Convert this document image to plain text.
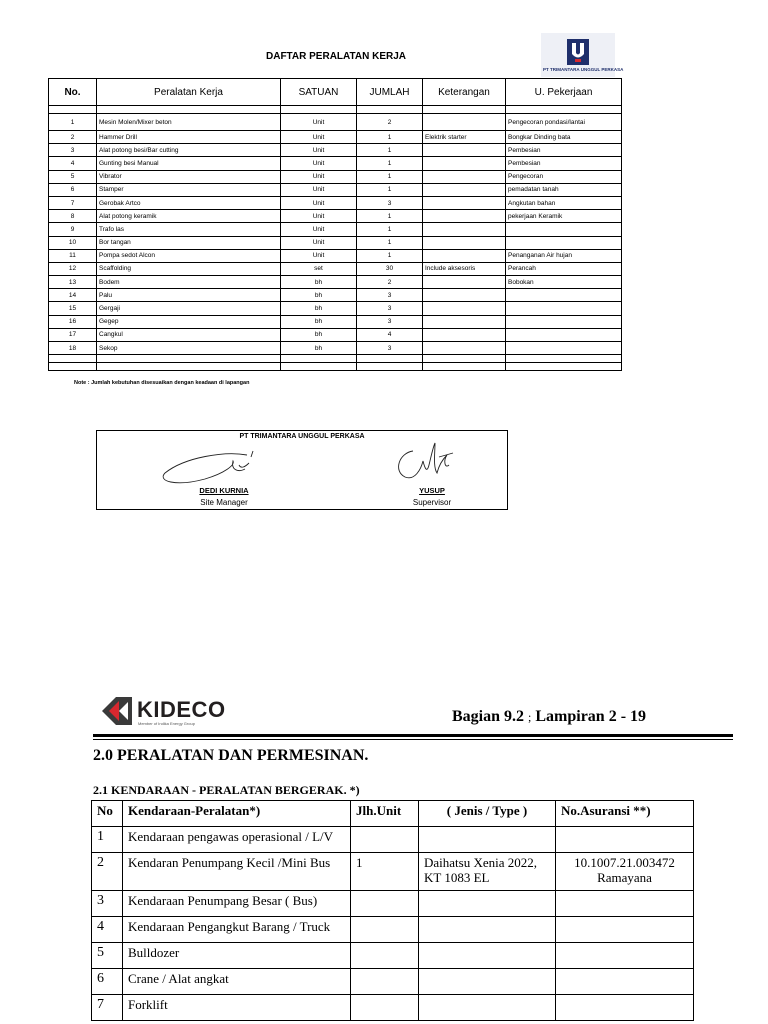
DAFTAR PERALATAN KERJA
PT TRIMANTARA UNGGUL PERKASA
No.	Peralatan Kerja	SATUAN	JUMLAH	Keterangan	U. Pekerjaan

1	Mesin Molen/Mixer beton	Unit	2		Pengecoran pondasi/lantai
2	Hammer Drill	Unit	1	Elektrik starter	Bongkar Dinding bata
3	Alat potong besi/Bar cutting	Unit	1		Pembesian
4	Gunting besi Manual	Unit	1		Pembesian
5	Vibrator	Unit	1		Pengecoran
6	Stamper	Unit	1		pemadatan tanah
7	Gerobak Artco	Unit	3		Angkutan bahan
8	Alat potong keramik	Unit	1		pekerjaan Keramik
9	Trafo las	Unit	1		
10	Bor tangan	Unit	1		
11	Pompa sedot Alcon	Unit	1		Penanganan Air hujan
12	Scaffolding	set	30	Include aksesoris	Perancah
13	Bodem	bh	2		Bobokan
14	Palu	bh	3		
15	Gergaji	bh	3		
16	Gegep	bh	3		
17	Cangkul	bh	4		
18	Sekop	bh	3		

Note : Jumlah kebutuhan disesuaikan dengan keadaan di lapangan
PT TRIMANTARA UNGGUL PERKASA
DEDI KURNIA
Site Manager
YUSUP
Supervisor
KIDECO
Member of Indika Energy Group	Bagian 9.2 ; Lampiran 2 - 19
2.0 PERALATAN DAN PERMESINAN.
2.1 KENDARAAN - PERALATAN BERGERAK. *)
No	Kendaraan-Peralatan*)	Jlh.Unit	( Jenis / Type )	No.Asuransi **)
1	Kendaraan pengawas operasional / L/V			
2	Kendaran Penumpang Kecil /Mini Bus	1	Daihatsu Xenia 2022, KT 1083 EL	10.1007.21.003472 Ramayana
3	Kendaraan Penumpang Besar ( Bus)			
4	Kendaraan Pengangkut Barang / Truck			
5	Bulldozer			
6	Crane / Alat angkat			
7	Forklift			
